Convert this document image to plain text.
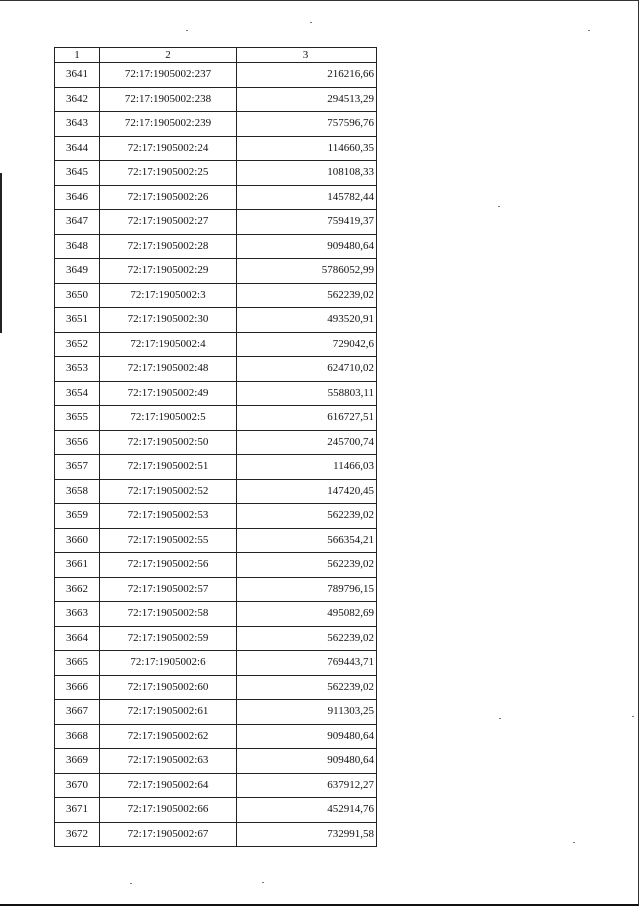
1	2	3
3641	72:17:1905002:237	216216,66
3642	72:17:1905002:238	294513,29
3643	72:17:1905002:239	757596,76
3644	72:17:1905002:24	114660,35
3645	72:17:1905002:25	108108,33
3646	72:17:1905002:26	145782,44
3647	72:17:1905002:27	759419,37
3648	72:17:1905002:28	909480,64
3649	72:17:1905002:29	5786052,99
3650	72:17:1905002:3	562239,02
3651	72:17:1905002:30	493520,91
3652	72:17:1905002:4	729042,6
3653	72:17:1905002:48	624710,02
3654	72:17:1905002:49	558803,11
3655	72:17:1905002:5	616727,51
3656	72:17:1905002:50	245700,74
3657	72:17:1905002:51	11466,03
3658	72:17:1905002:52	147420,45
3659	72:17:1905002:53	562239,02
3660	72:17:1905002:55	566354,21
3661	72:17:1905002:56	562239,02
3662	72:17:1905002:57	789796,15
3663	72:17:1905002:58	495082,69
3664	72:17:1905002:59	562239,02
3665	72:17:1905002:6	769443,71
3666	72:17:1905002:60	562239,02
3667	72:17:1905002:61	911303,25
3668	72:17:1905002:62	909480,64
3669	72:17:1905002:63	909480,64
3670	72:17:1905002:64	637912,27
3671	72:17:1905002:66	452914,76
3672	72:17:1905002:67	732991,58
